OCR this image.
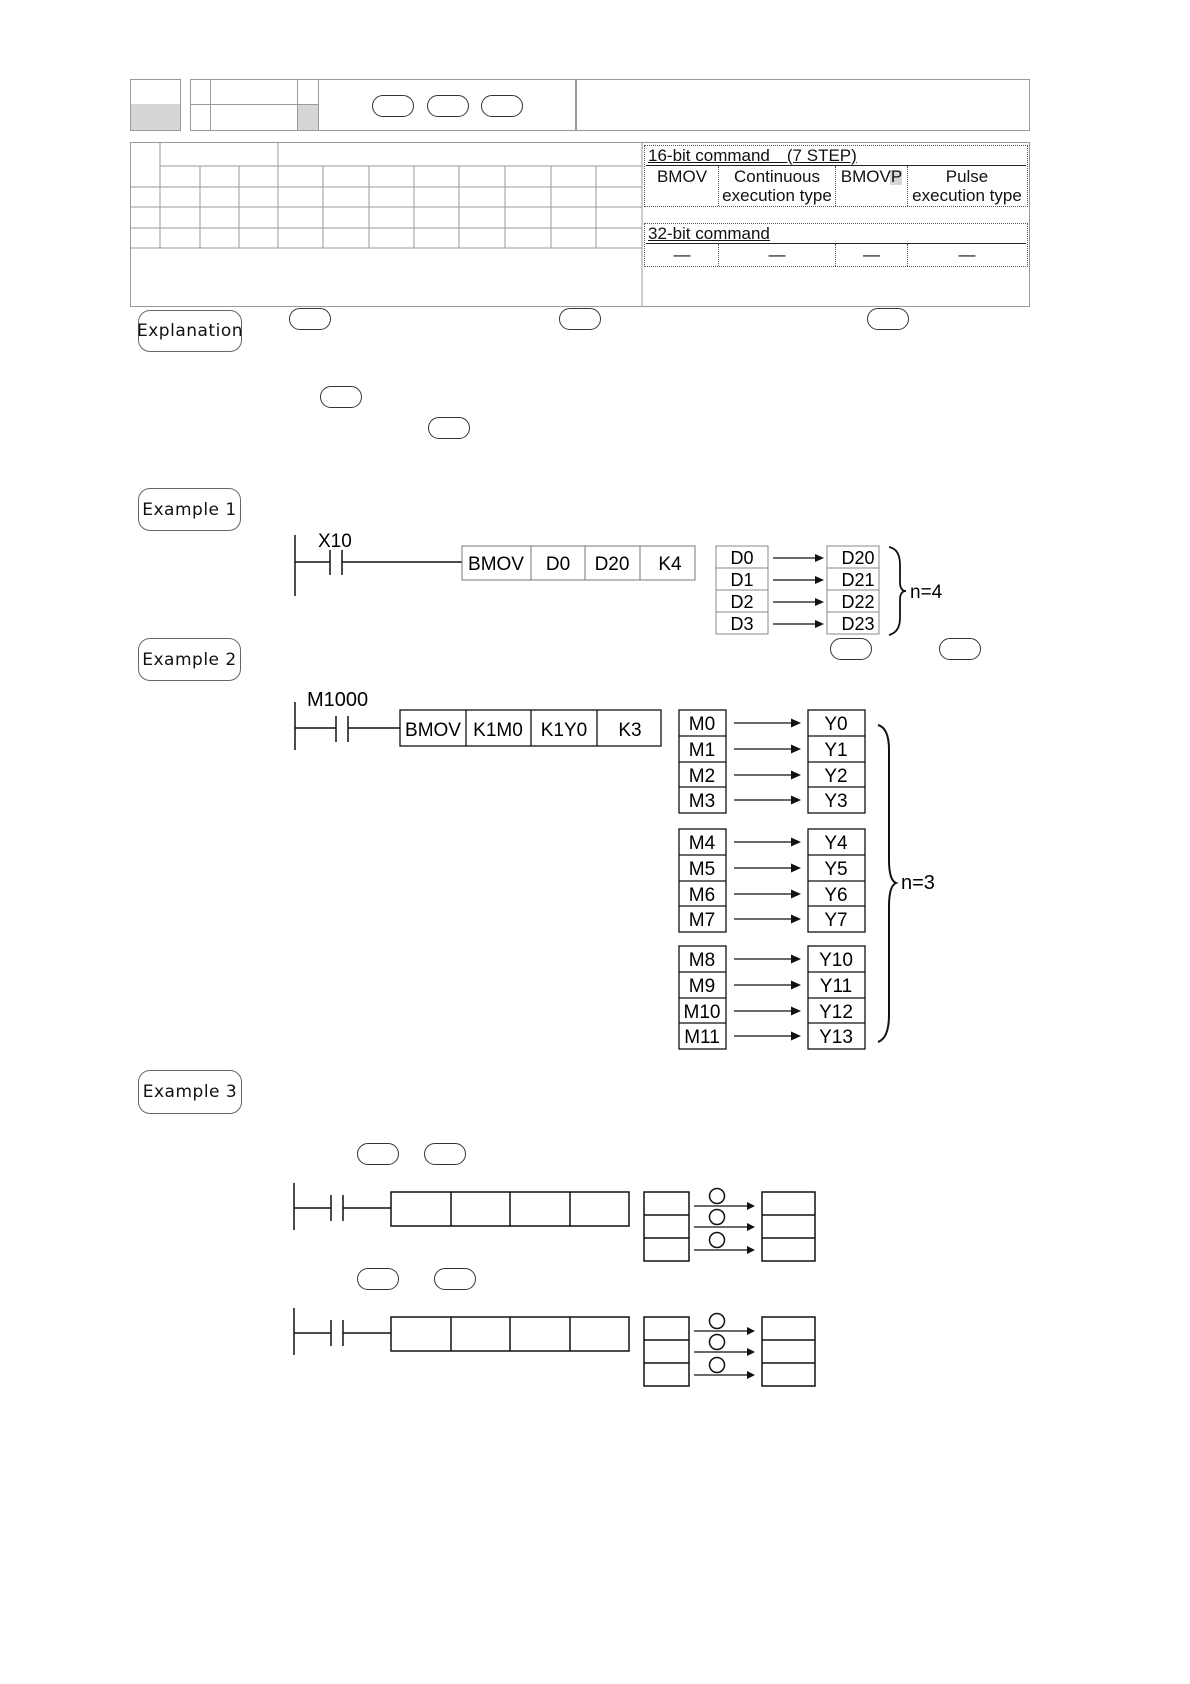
16-bit command　(7 STEP)
BMOV	Continuous
execution type
BMOVP	Pulse
execution type
32-bit command
—	—	—	—
Explanation
Example 1
X10
BMOV D0 D20 K4	D0
D1
D2
D3
D20
D21
D22
D23
n=4
Example 2
M1000
BMOV K1M0 K1Y0 K3 M0
M1
M2
M3
Y0
Y1
Y2
Y3
M4
M5
M6
M7
Y4
Y5
Y6
Y7
M8
M9
M10
M11
Y10
Y11
Y12
Y13
n=3
Example 3
